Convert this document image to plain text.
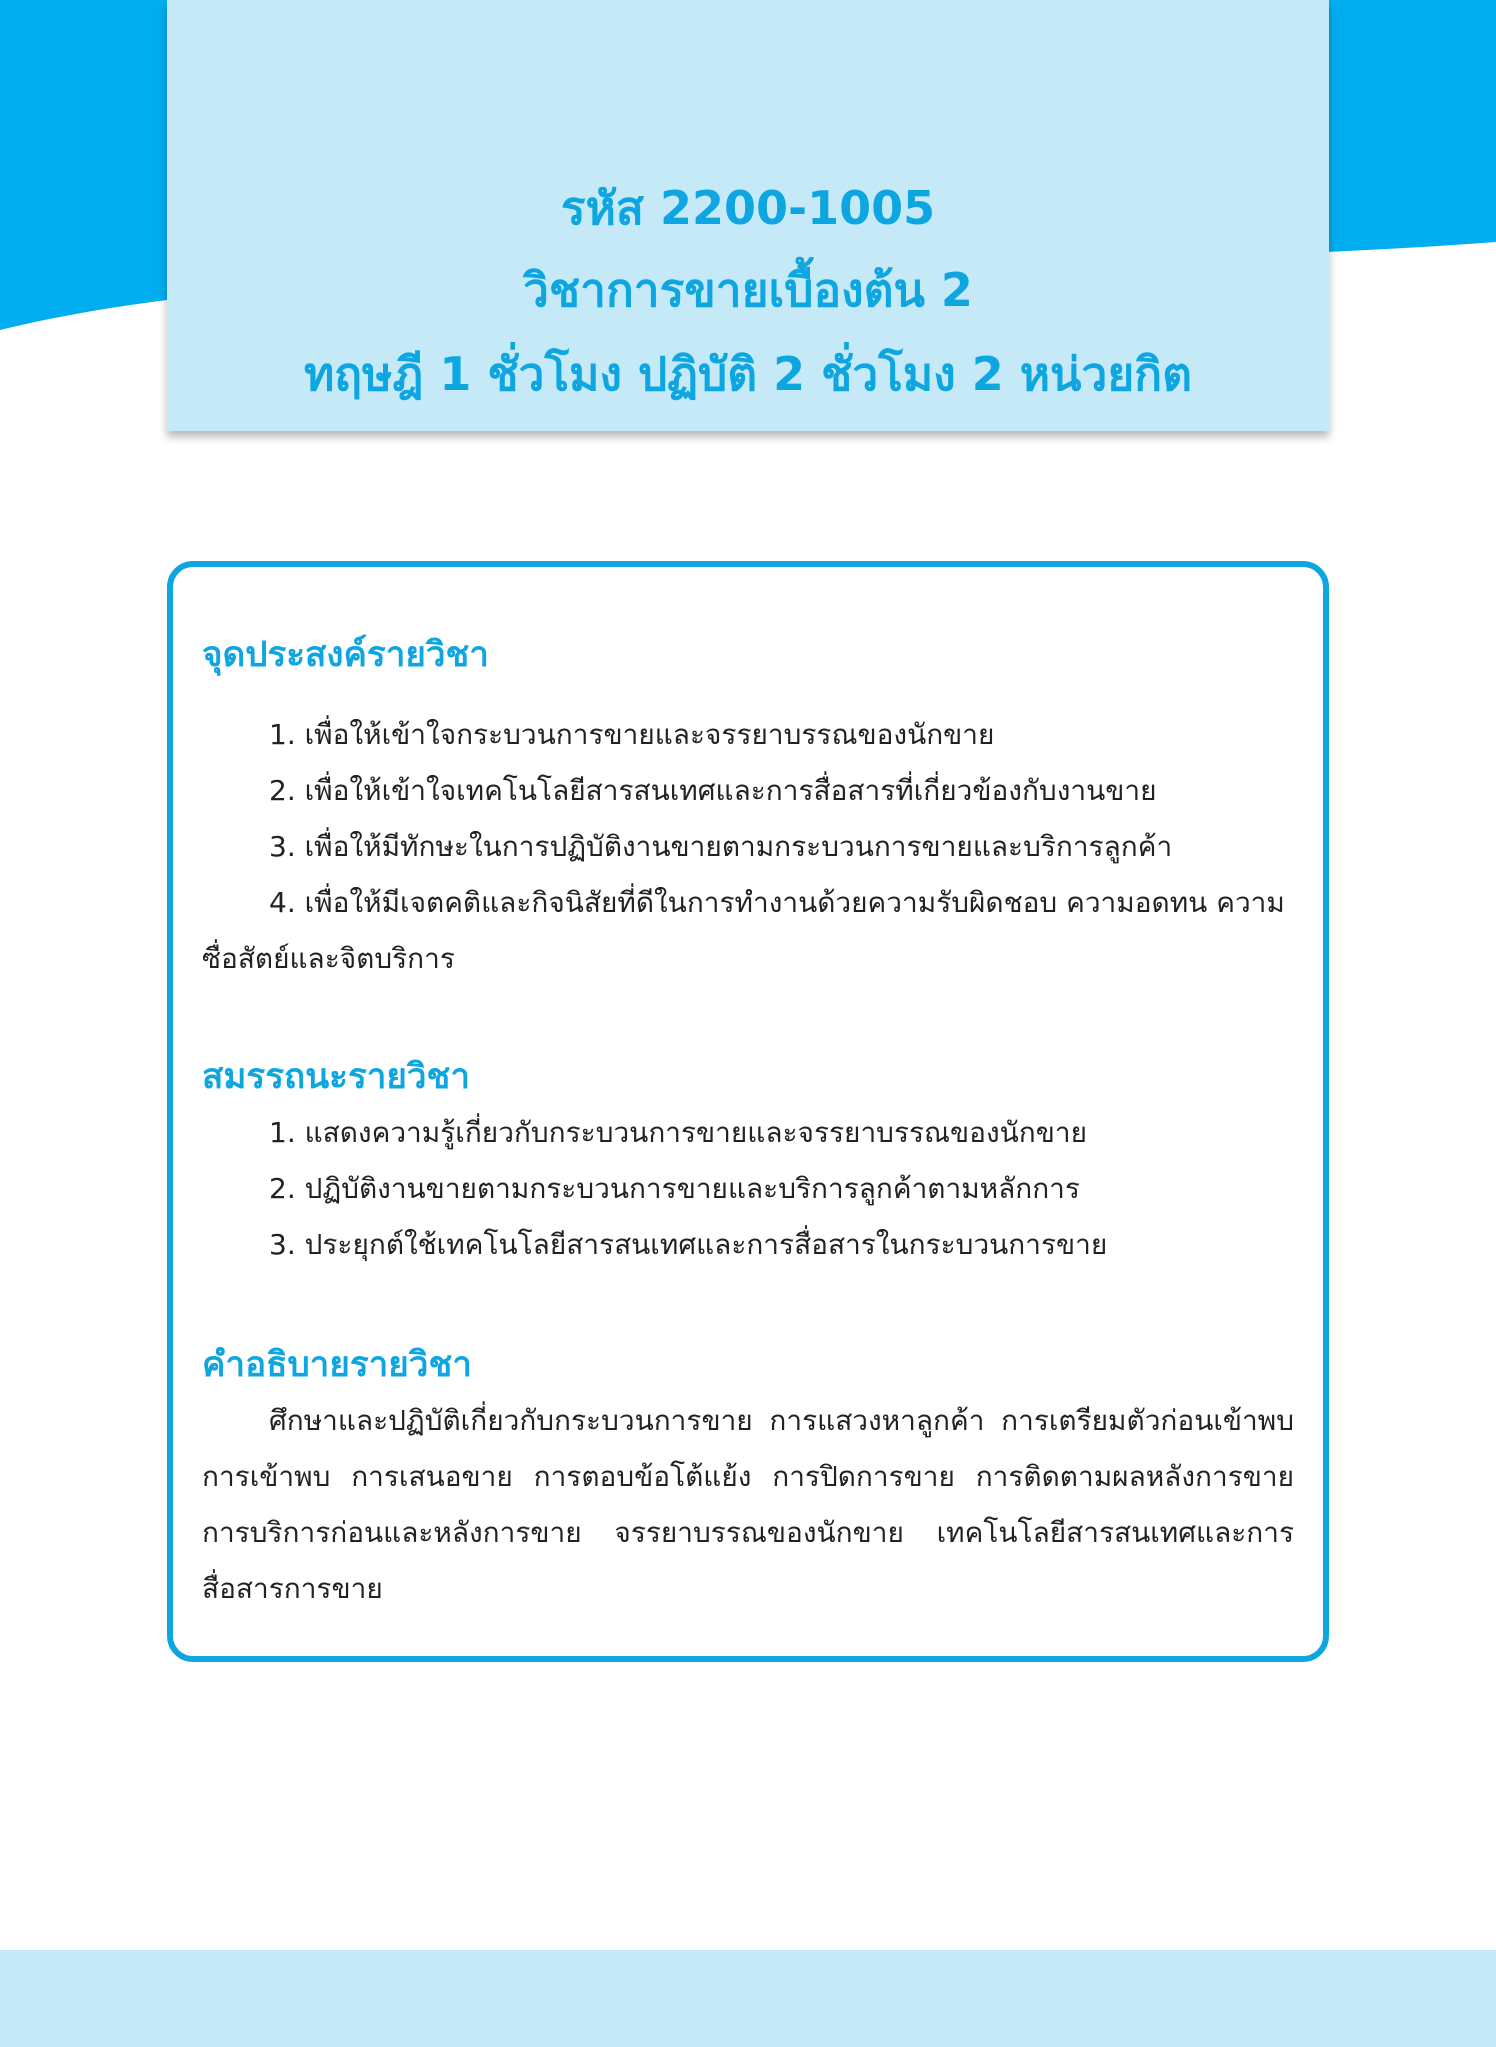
รหัส 2200-1005
วิชาการขายเบื้องต้น 2
ทฤษฎี 1 ชั่วโมง ปฏิบัติ 2 ชั่วโมง 2 หน่วยกิต
จุดประสงค์รายวิชา
1. เพื่อให้เข้าใจกระบวนการขายและจรรยาบรรณของนักขาย
2. เพื่อให้เข้าใจเทคโนโลยีสารสนเทศและการสื่อสารที่เกี่ยวข้องกับงานขาย
3. เพื่อให้มีทักษะในการปฏิบัติงานขายตามกระบวนการขายและบริการลูกค้า
4. เพื่อให้มีเจตคติและกิจนิสัยที่ดีในการทำงานด้วยความรับผิดชอบ ความอดทน ความซื่อสัตย์และจิตบริการ
สมรรถนะรายวิชา
1. แสดงความรู้เกี่ยวกับกระบวนการขายและจรรยาบรรณของนักขาย
2. ปฏิบัติงานขายตามกระบวนการขายและบริการลูกค้าตามหลักการ
3. ประยุกต์ใช้เทคโนโลยีสารสนเทศและการสื่อสารในกระบวนการขาย
คำอธิบายรายวิชา
ศึกษาและปฏิบัติเกี่ยวกับกระบวนการขาย การแสวงหาลูกค้า การเตรียมตัวก่อนเข้าพบ การเข้าพบ การเสนอขาย การตอบข้อโต้แย้ง การปิดการขาย การติดตามผลหลังการขาย การบริการก่อนและหลังการขาย จรรยาบรรณของนักขาย เทคโนโลยีสารสนเทศและการสื่อสารการขาย
